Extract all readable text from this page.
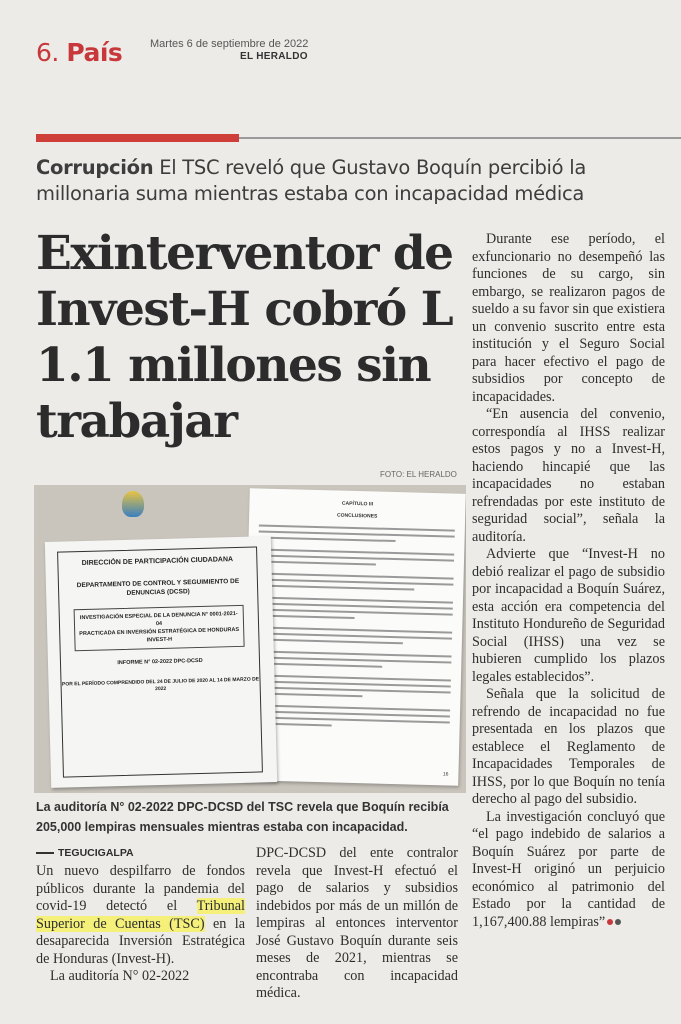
6. País	Martes 6 de septiembre de 2022
EL HERALDO
Corrupción El TSC reveló que Gustavo Boquín percibió la millonaria suma mientras estaba con incapacidad médica
Exinterventor de Invest-H cobró L 1.1 millones sin trabajar
FOTO: EL HERALDO
CAPÍTULO III
CONCLUSIONES
16
DIRECCIÓN DE PARTICIPACIÓN CIUDADANA
DEPARTAMENTO DE CONTROL Y SEGUIMIENTO DE DENUNCIAS (DCSD)
INVESTIGACIÓN ESPECIAL DE LA DENUNCIA N° 0001-2021-04
PRACTICADA EN INVERSIÓN ESTRATÉGICA DE HONDURAS INVEST-H
INFORME N° 02-2022 DPC-DCSD
POR EL PERÍODO COMPRENDIDO DEL 24 DE JULIO DE 2020 AL 14 DE MARZO DE 2022
La auditoría N° 02-2022 DPC-DCSD del TSC revela que Boquín recibía 205,000 lempiras mensuales mientras estaba con incapacidad.
TEGUCIGALPA

Un nuevo despilfarro de fondos públicos durante la pandemia del covid-19 detectó el Tribunal Superior de Cuentas (TSC) en la desaparecida Inversión Estratégica de Honduras (Invest-H).

La auditoría N° 02-2022

DPC-DCSD del ente contralor revela que Invest-H efectuó el pago de salarios y subsidios indebidos por más de un millón de lempiras al entonces interventor José Gustavo Boquín durante seis meses de 2021, mientras se encontraba con incapacidad médica.

Durante ese período, el exfuncionario no desempeñó las funciones de su cargo, sin embargo, se realizaron pagos de sueldo a su favor sin que existiera un convenio suscrito entre esta institución y el Seguro Social para hacer efectivo el pago de subsidios por concepto de incapacidades.

“En ausencia del convenio, correspondía al IHSS realizar estos pagos y no a Invest-H, haciendo hincapié que las incapacidades no estaban refrendadas por este instituto de seguridad social”, señala la auditoría.

Advierte que “Invest-H no debió realizar el pago de subsidio por incapacidad a Boquín Suárez, esta acción era competencia del Instituto Hondureño de Seguridad Social (IHSS) una vez se hubieren cumplido los plazos legales establecidos”.

Señala que la solicitud de refrendo de incapacidad no fue presentada en los plazos que establece el Reglamento de Incapacidades Temporales de IHSS, por lo que Boquín no tenía derecho al pago del subsidio.

La investigación concluyó que “el pago indebido de salarios a Boquín Suárez por parte de Invest-H originó un perjuicio económico al patrimonio del Estado por la cantidad de 1,167,400.88 lempiras”
